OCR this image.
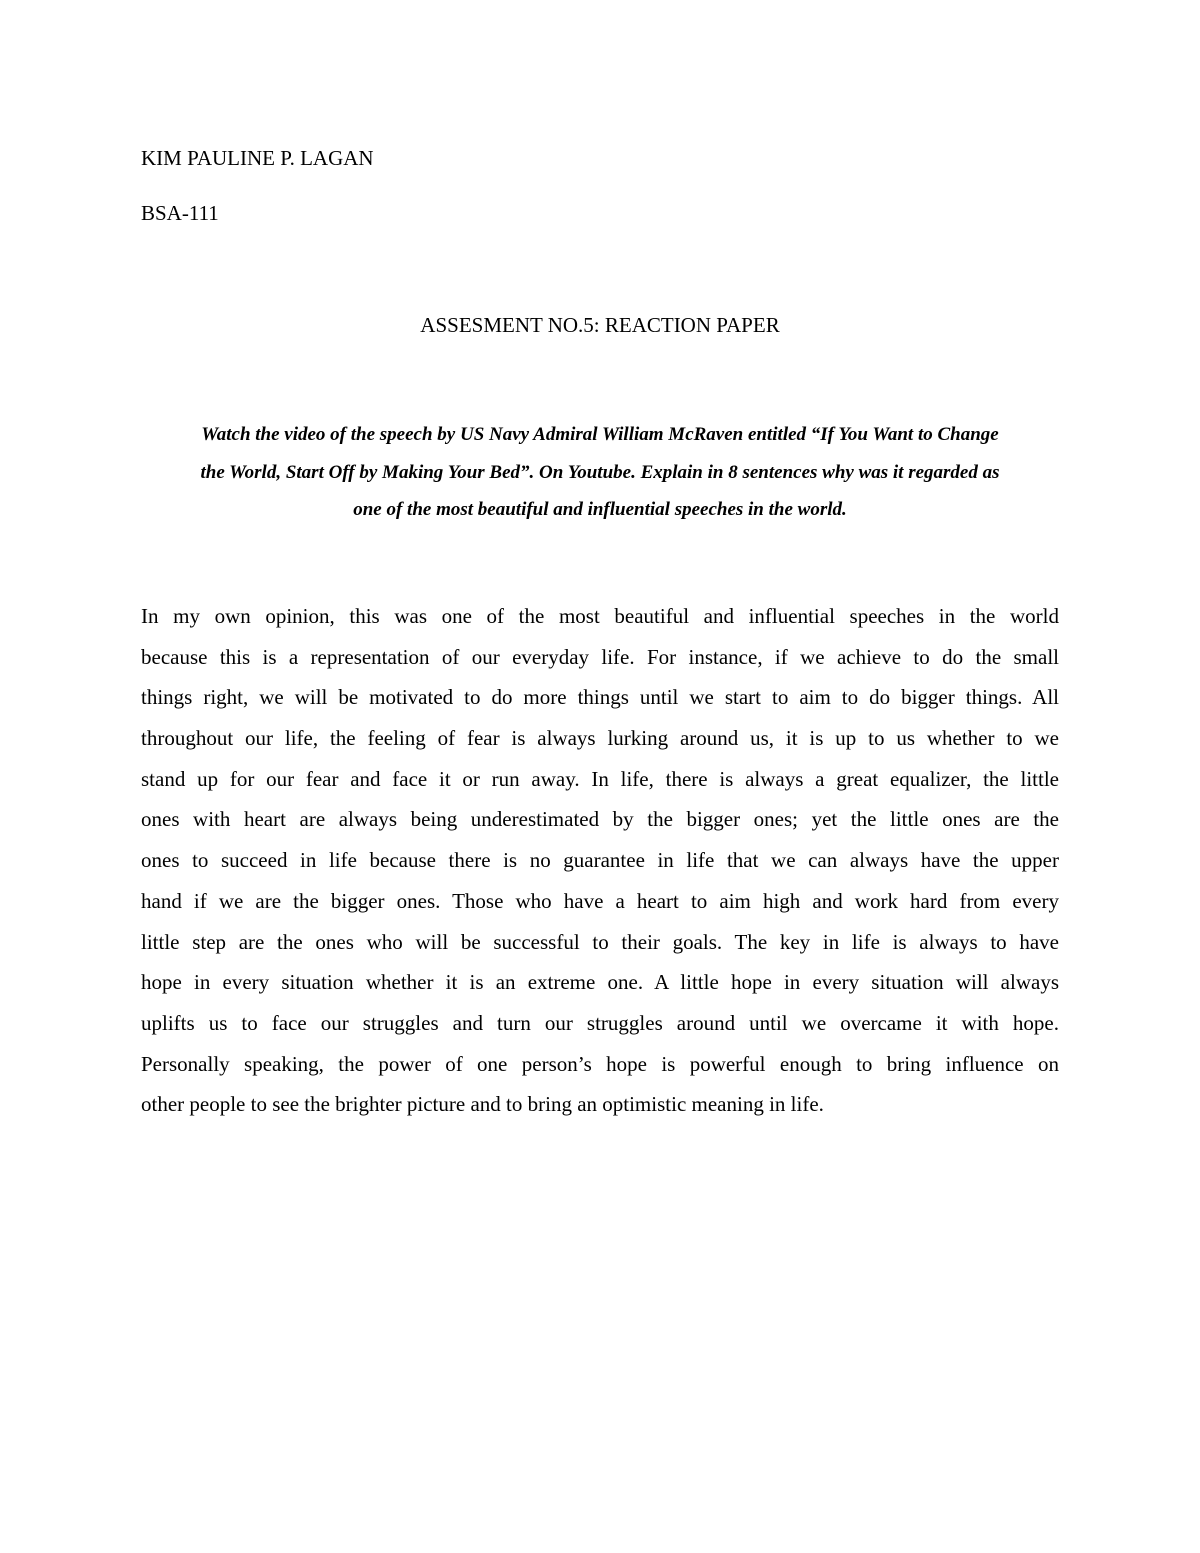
KIM PAULINE P. LAGAN

BSA-111

ASSESMENT NO.5: REACTION PAPER
Watch the video of the speech by US Navy Admiral William McRaven entitled “If You Want to Change
the World, Start Off by Making Your Bed”. On Youtube. Explain in 8 sentences why was it regarded as
one of the most beautiful and influential speeches in the world.
In my own opinion, this was one of the most beautiful and influential speeches in the world
because this is a representation of our everyday life. For instance, if we achieve to do the small
things right, we will be motivated to do more things until we start to aim to do bigger things. All
throughout our life, the feeling of fear is always lurking around us, it is up to us whether to we
stand up for our fear and face it or run away. In life, there is always a great equalizer, the little
ones with heart are always being underestimated by the bigger ones; yet the little ones are the
ones to succeed in life because there is no guarantee in life that we can always have the upper
hand if we are the bigger ones. Those who have a heart to aim high and work hard from every
little step are the ones who will be successful to their goals. The key in life is always to have
hope in every situation whether it is an extreme one. A little hope in every situation will always
uplifts us to face our struggles and turn our struggles around until we overcame it with hope.
Personally speaking, the power of one person’s hope is powerful enough to bring influence on
other people to see the brighter picture and to bring an optimistic meaning in life.
